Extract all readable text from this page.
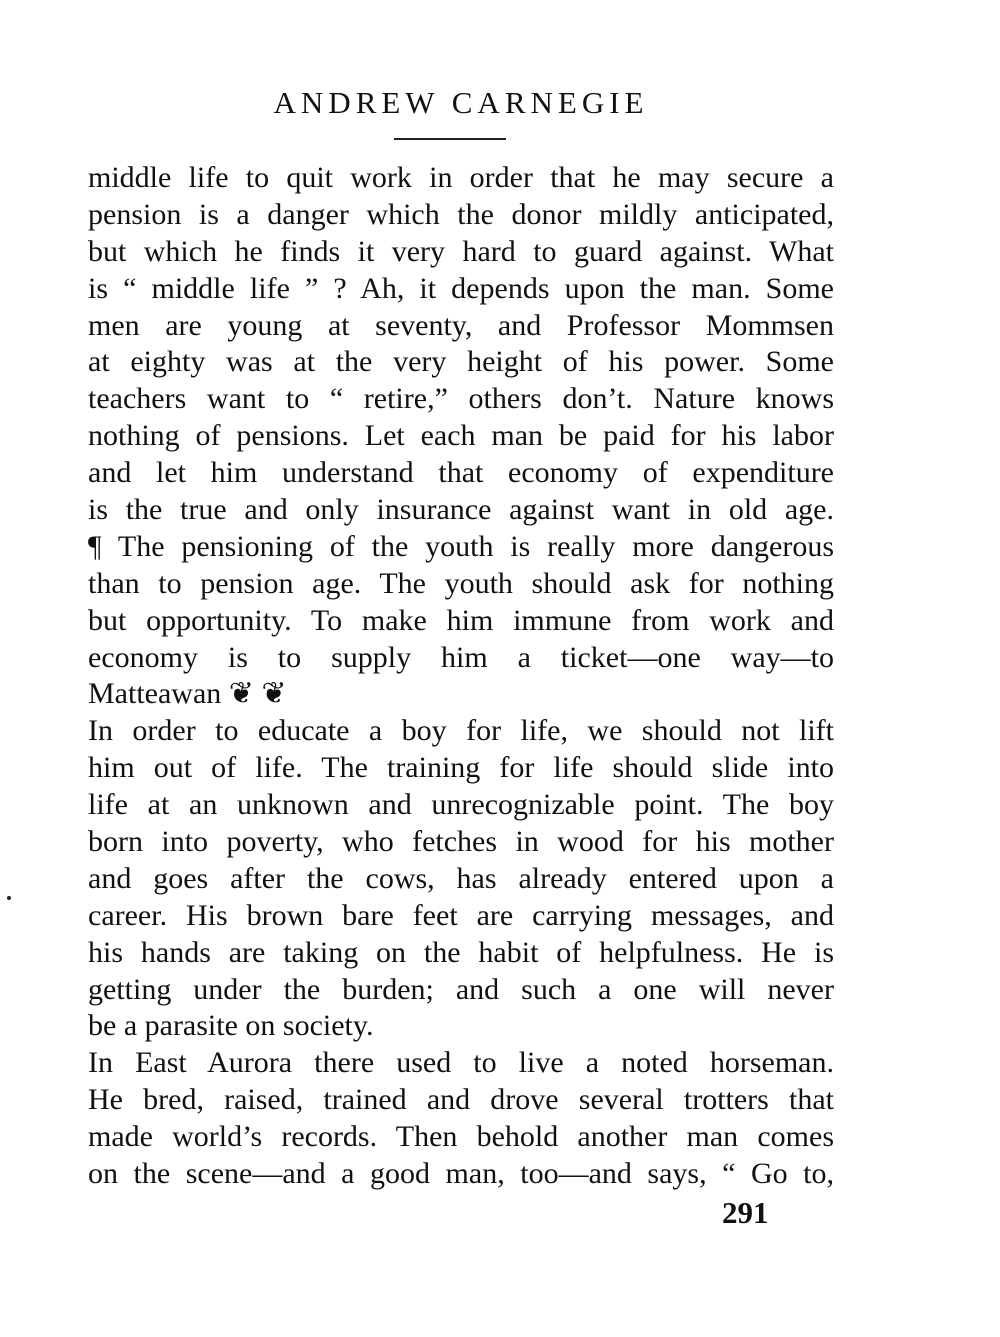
ANDREW CARNEGIE
middle life to quit work in order that he may secure a
pension is a danger which the donor mildly anticipated,
but which he finds it very hard to guard against. What
is “ middle life ” ? Ah, it depends upon the man. Some
men are young at seventy, and Professor Mommsen
at eighty was at the very height of his power. Some
teachers want to “ retire,” others don’t. Nature knows
nothing of pensions. Let each man be paid for his labor
and let him understand that economy of expenditure
is the true and only insurance against want in old age.
¶ The pensioning of the youth is really more dangerous
than to pension age. The youth should ask for nothing
but opportunity. To make him immune from work and
economy is to supply him a ticket—one way—to
Matteawan ❦ ❦
In order to educate a boy for life, we should not lift
him out of life. The training for life should slide into
life at an unknown and unrecognizable point. The boy
born into poverty, who fetches in wood for his mother
and goes after the cows, has already entered upon a
career. His brown bare feet are carrying messages, and
his hands are taking on the habit of helpfulness. He is
getting under the burden; and such a one will never
be a parasite on society.
In East Aurora there used to live a noted horseman.
He bred, raised, trained and drove several trotters that
made world’s records. Then behold another man comes
on the scene—and a good man, too—and says, “ Go to,

291
